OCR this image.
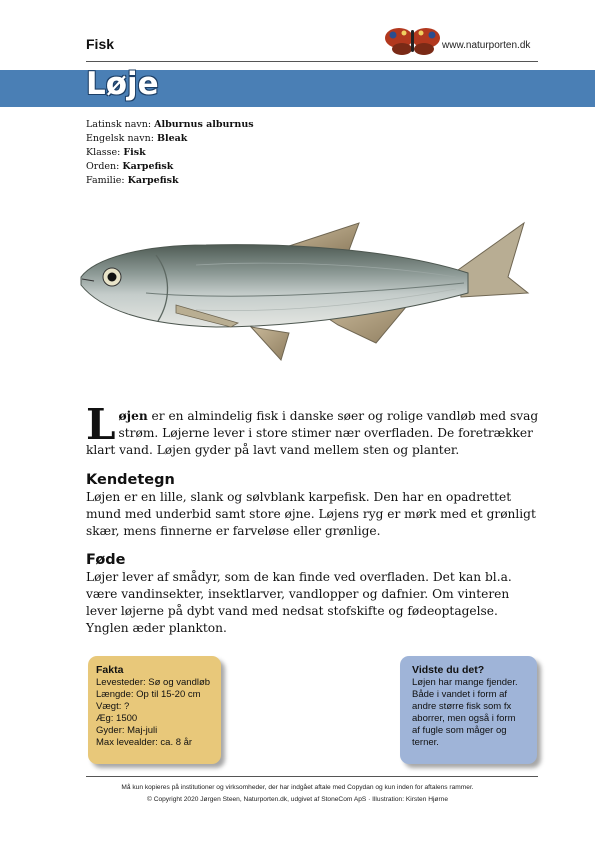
Fisk	www.naturporten.dk
Løje
Latinsk navn: Alburnus alburnus
Engelsk navn: Bleak
Klasse: Fisk
Orden: Karpefisk
Familie: Karpefisk
Løjen er en almindelig fisk i danske søer og rolige vandløb med svag strøm. Løjerne lever i store stimer nær overfladen. De foretrækker klart vand. Løjen gyder på lavt vand mellem sten og planter.
Kendetegn
Løjen er en lille, slank og sølvblank karpefisk. Den har en opadrettet mund med underbid samt store øjne. Løjens ryg er mørk med et grønligt skær, mens finnerne er farveløse eller grønlige.
Føde
Løjer lever af smådyr, som de kan finde ved overfladen. Det kan bl.a. være vandinsekter, insektlarver, vandlopper og dafnier. Om vinteren lever løjerne på dybt vand med nedsat stofskifte og fødeoptagelse. Ynglen æder plankton.
Fakta
Levesteder: Sø og vandløb
Længde: Op til 15-20 cm
Vægt: ?
Æg: 1500
Gyder: Maj-juli
Max levealder: ca. 8 år
Vidste du det?
Løjen har mange fjender.
Både i vandet i form af
andre større fisk som fx
aborrer, men også i form
af fugle som måger og
terner.
Må kun kopieres på institutioner og virksomheder, der har indgået aftale med Copydan og kun inden for aftalens rammer.
© Copyright 2020 Jørgen Steen, Naturporten.dk, udgivet af StoneCom ApS · Illustration: Kirsten Hjørne
